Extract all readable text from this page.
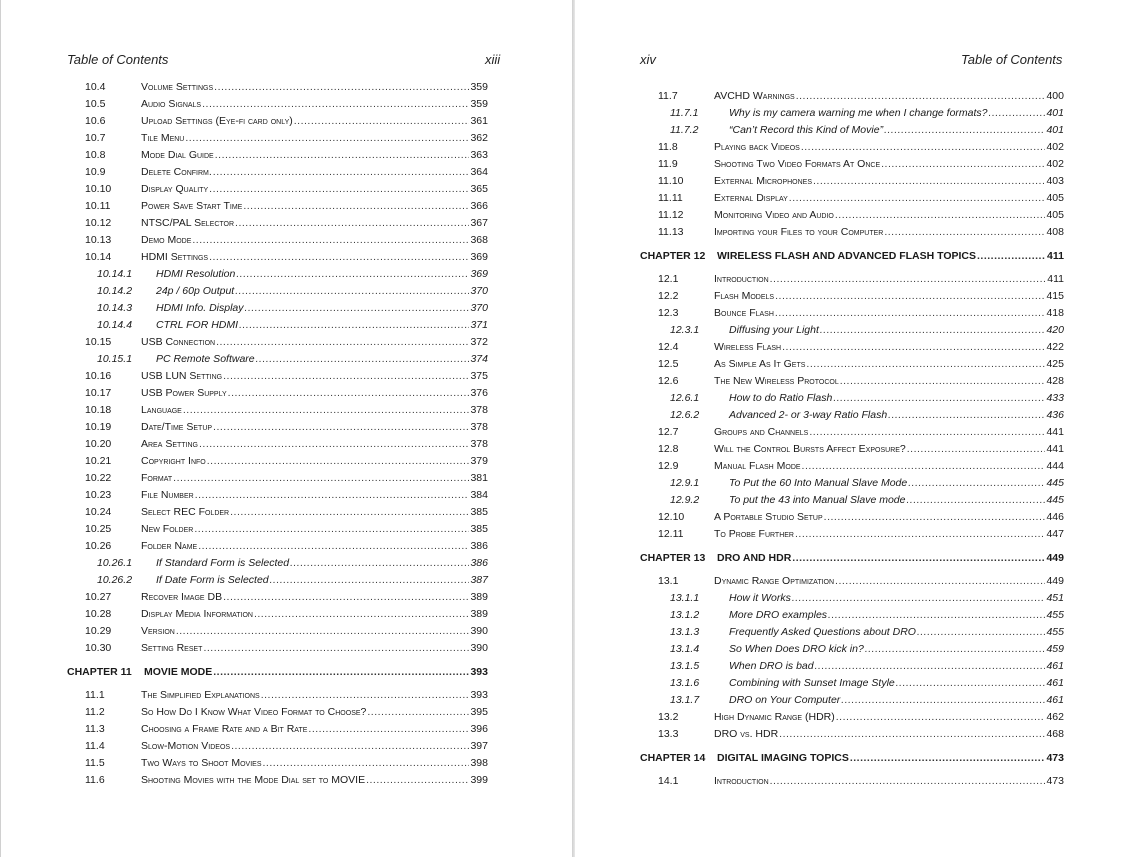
Table of Contents	xiii
10.4	Volume Settings .....	359
10.5	Audio Signals .....	359
10.6	Upload Settings (Eye-fi card only) .....	361
10.7	Tile Menu .....	362
10.8	Mode Dial Guide .....	363
10.9	Delete Confirm. .....	364
10.10	Display Quality .....	365
10.11	Power Save Start Time .....	366
10.12	NTSC/PAL Selector .....	367
10.13	Demo Mode .....	368
10.14	HDMI Settings .....	369
10.14.1 HDMI Resolution .....	369
10.14.2 24p / 60p Output .....	370
10.14.3 HDMI Info. Display .....	370
10.14.4 CTRL FOR HDMI .....	371
10.15	USB Connection .....	372
10.15.1 PC Remote Software .....	374
10.16	USB LUN Setting .....	375
10.17	USB Power Supply .....	376
10.18	Language .....	378
10.19	Date/Time Setup .....	378
10.20	Area Setting .....	378
10.21	Copyright Info .....	379
10.22	Format .....	381
10.23	File Number .....	384
10.24	Select REC Folder .....	385
10.25	New Folder .....	385
10.26	Folder Name .....	386
10.26.1 If Standard Form is Selected .....	386
10.26.2 If Date Form is Selected .....	387
10.27	Recover Image DB .....	389
10.28	Display Media Information .....	389
10.29	Version .....	390
10.30	Setting Reset .....	390
CHAPTER 11 MOVIE MODE .....	393
11.1	The Simplified Explanations .....	393
11.2	So How Do I Know What Video Format to Choose? .....	395
11.3	Choosing a Frame Rate and a Bit Rate .....	396
11.4	Slow-Motion Videos .....	397
11.5	Two Ways to Shoot Movies .....	398
11.6	Shooting Movies with the Mode Dial set to MOVIE .....	399
xiv	Table of Contents
11.7	AVCHD Warnings .....	400
11.7.1	Why is my camera warning me when I change formats? .....	401
11.7.2	“Can’t Record this Kind of Movie” .....	401
11.8	Playing back Videos .....	402
11.9	Shooting Two Video Formats At Once .....	402
11.10	External Microphones .....	403
11.11	External Display .....	405
11.12	Monitoring Video and Audio .....	405
11.13	Importing your Files to your Computer .....	408
CHAPTER 12 WIRELESS FLASH AND ADVANCED FLASH TOPICS .....	411
12.1	Introduction .....	411
12.2	Flash Models .....	415
12.3	Bounce Flash .....	418
12.3.1	Diffusing your Light .....	420
12.4	Wireless Flash .....	422
12.5	As Simple As It Gets .....	425
12.6	The New Wireless Protocol .....	428
12.6.1	How to do Ratio Flash .....	433
12.6.2	Advanced 2- or 3-way Ratio Flash .....	436
12.7	Groups and Channels .....	441
12.8	Will the Control Bursts Affect Exposure? .....	441
12.9	Manual Flash Mode .....	444
12.9.1	To Put the 60 Into Manual Slave Mode .....	445
12.9.2	To put the 43 into Manual Slave mode .....	445
12.10	A Portable Studio Setup .....	446
12.11	To Probe Further .....	447
CHAPTER 13 DRO AND HDR .....	449
13.1	Dynamic Range Optimization .....	449
13.1.1	How it Works .....	451
13.1.2	More DRO examples .....	455
13.1.3	Frequently Asked Questions about DRO .....	455
13.1.4	So When Does DRO kick in? .....	459
13.1.5	When DRO is bad .....	461
13.1.6	Combining with Sunset Image Style .....	461
13.1.7	DRO on Your Computer .....	461
13.2	High Dynamic Range (HDR) .....	462
13.3	DRO vs. HDR .....	468
CHAPTER 14 DIGITAL IMAGING TOPICS .....	473
14.1	Introduction .....	473
